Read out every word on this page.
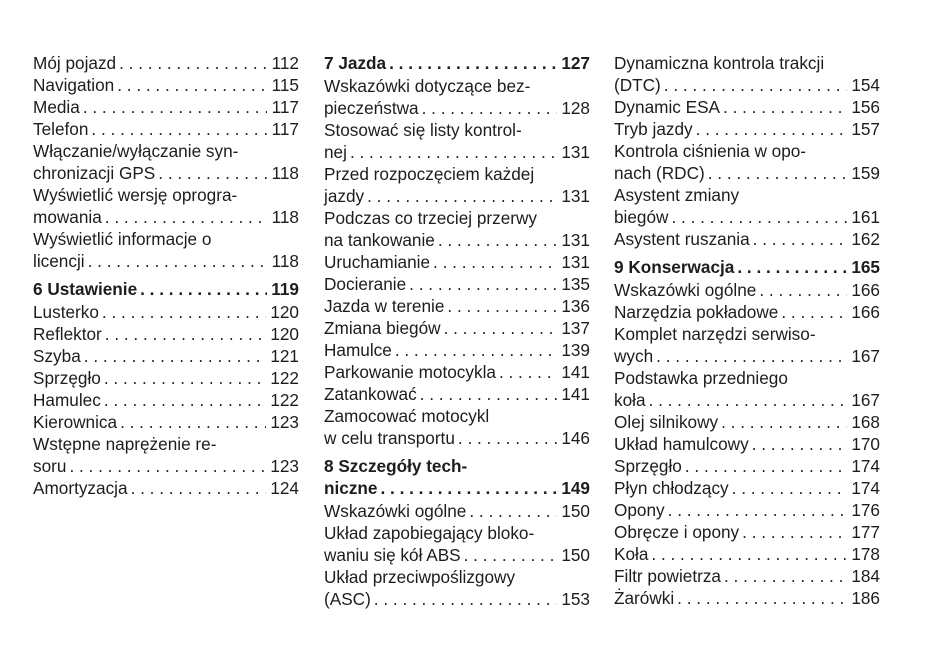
Mój pojazd . . .	112
Navigation . . .	115
Media . . .	117
Telefon . . .	117
Włączanie/wyłączanie syn-
chronizacji GPS . . .	118
Wyświetlić wersję oprogra-
mowania . . .	118
Wyświetlić informacje o
licencji . . .	118
6 Ustawienie . . .	119
Lusterko . . .	120
Reflektor . . .	120
Szyba . . .	121
Sprzęgło . . .	122
Hamulec . . .	122
Kierownica . . .	123
Wstępne naprężenie re-
soru . . .	123
Amortyzacja . . .	124
7 Jazda . . .	127
Wskazówki dotyczące bez-
pieczeństwa . . .	128
Stosować się listy kontrol-
nej . . .	131
Przed rozpoczęciem każdej
jazdy . . .	131
Podczas co trzeciej przerwy
na tankowanie . . .	131
Uruchamianie . . .	131
Docieranie . . .	135
Jazda w terenie . . .	136
Zmiana biegów . . .	137
Hamulce . . .	139
Parkowanie motocykla . . .	141
Zatankować . . .	141
Zamocować motocykl
w celu transportu . . .	146
8 Szczegóły tech-
niczne . . .	149
Wskazówki ogólne . . .	150
Układ zapobiegający bloko-
waniu się kół ABS . . .	150
Układ przeciwpoślizgowy
(ASC) . . .	153
Dynamiczna kontrola trakcji
(DTC) . . .	154
Dynamic ESA . . .	156
Tryb jazdy . . .	157
Kontrola ciśnienia w opo-
nach (RDC) . . .	159
Asystent zmiany
biegów . . .	161
Asystent ruszania . . .	162
9 Konserwacja . . .	165
Wskazówki ogólne . . .	166
Narzędzia pokładowe . . .	166
Komplet narzędzi serwiso-
wych . . .	167
Podstawka przedniego
koła . . .	167
Olej silnikowy . . .	168
Układ hamulcowy . . .	170
Sprzęgło . . .	174
Płyn chłodzący . . .	174
Opony . . .	176
Obręcze i opony . . .	177
Koła . . .	178
Filtr powietrza . . .	184
Żarówki . . .	186
